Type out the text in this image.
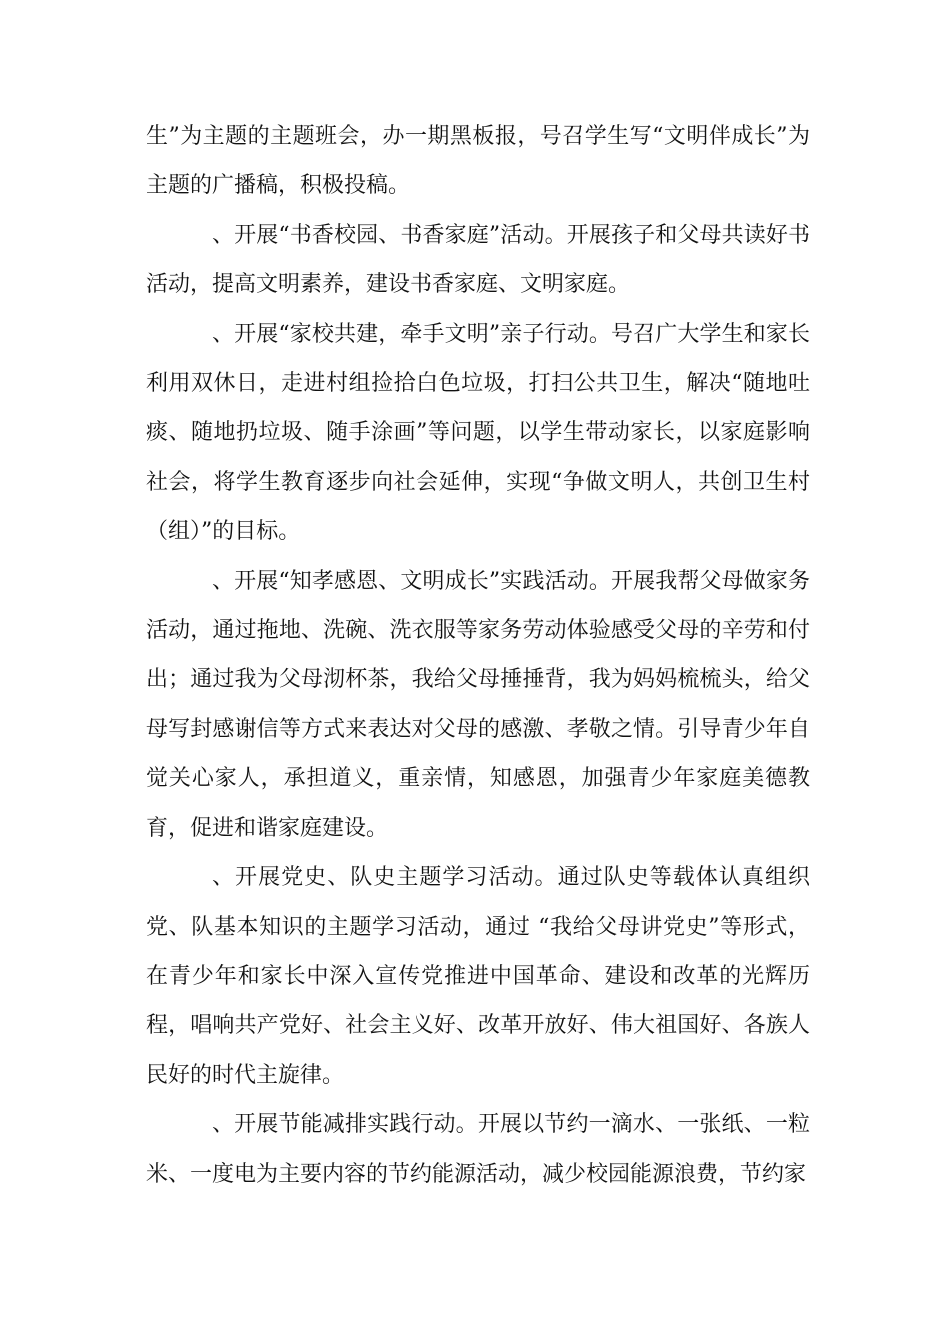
生”为主题的主题班会，办一期黑板报，号召学生写“文明伴成长”为主题的广播稿，积极投稿。

、开展“书香校园、书香家庭”活动。开展孩子和父母共读好书活动，提高文明素养，建设书香家庭、文明家庭。

、开展“家校共建，牵手文明”亲子行动。号召广大学生和家长利用双休日，走进村组捡拾白色垃圾，打扫公共卫生，解决“随地吐痰、随地扔垃圾、随手涂画”等问题，以学生带动家长，以家庭影响社会，将学生教育逐步向社会延伸，实现“争做文明人，共创卫生村（组）”的目标。

、开展“知孝感恩、文明成长”实践活动。开展我帮父母做家务活动，通过拖地、洗碗、洗衣服等家务劳动体验感受父母的辛劳和付出；通过我为父母沏杯茶，我给父母捶捶背，我为妈妈梳梳头，给父母写封感谢信等方式来表达对父母的感激、孝敬之情。引导青少年自觉关心家人，承担道义，重亲情，知感恩，加强青少年家庭美德教育，促进和谐家庭建设。

、开展党史、队史主题学习活动。通过队史等载体认真组织党、队基本知识的主题学习活动，通过 “我给父母讲党史”等形式，在青少年和家长中深入宣传党推进中国革命、建设和改革的光辉历程，唱响共产党好、社会主义好、改革开放好、伟大祖国好、各族人民好的时代主旋律。

、开展节能减排实践行动。开展以节约一滴水、一张纸、一粒米、一度电为主要内容的节约能源活动，减少校园能源浪费，节约家
